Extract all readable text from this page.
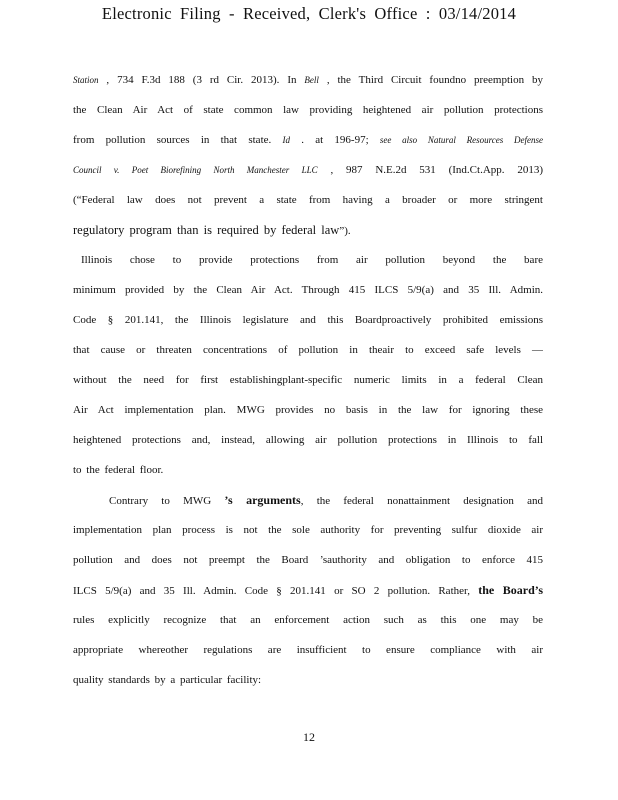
Electronic Filing - Received, Clerk's Office : 03/14/2014
Station , 734 F.3d 188 (3 rd Cir. 2013). In Bell , the Third Circuit foundno preemption by
the Clean Air Act of state common law providing heightened air pollution protections
from pollution sources in that state. Id . at 196-97; see also Natural Resources Defense
Council v. Poet Biorefining North Manchester LLC , 987 N.E.2d 531 (Ind.Ct.App. 2013)
(“Federal law does not prevent a state from having a broader or more stringent
regulatory program than is required by federal law”).
Illinois chose to provide protections from air pollution beyond the bare
minimum provided by the Clean Air Act. Through 415 ILCS 5/9(a) and 35 Ill. Admin.
Code § 201.141, the Illinois legislature and this Boardproactively prohibited emissions
that cause or threaten concentrations of pollution in theair to exceed safe levels —
without the need for first establishingplant-specific numeric limits in a federal Clean
Air Act implementation plan. MWG provides no basis in the law for ignoring these
heightened protections and, instead, allowing air pollution protections in Illinois to fall
to the federal floor.
Contrary to MWG ’s arguments, the federal nonattainment designation and
implementation plan process is not the sole authority for preventing sulfur dioxide air
pollution and does not preempt the Board ’sauthority and obligation to enforce 415
ILCS 5/9(a) and 35 Ill. Admin. Code § 201.141 or SO 2 pollution. Rather, the Board’s
rules explicitly recognize that an enforcement action such as this one may be
appropriate whereother regulations are insufficient to ensure compliance with air
quality standards by a particular facility:
12
